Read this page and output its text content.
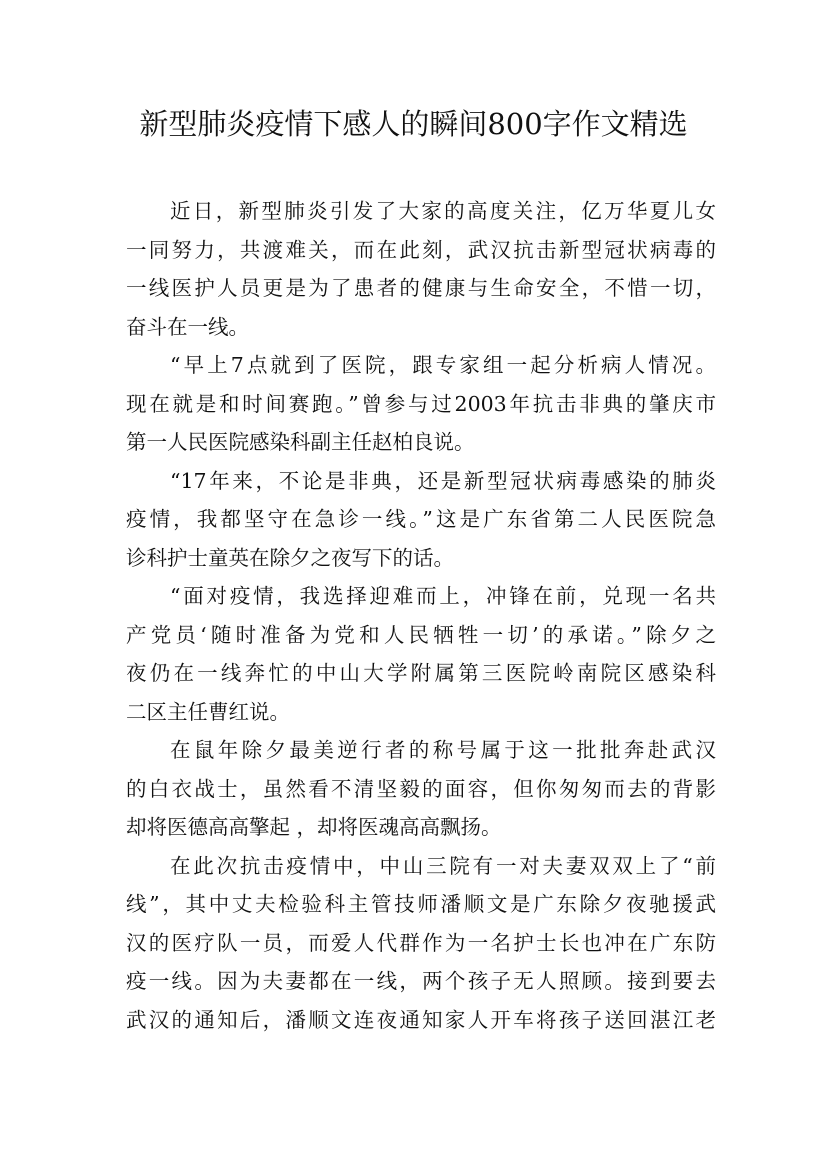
新型肺炎疫情下感人的瞬间800字作文精选
近日，新型肺炎引发了大家的高度关注，亿万华夏儿女
一同努力，共渡难关，而在此刻，武汉抗击新型冠状病毒的
一线医护人员更是为了患者的健康与生命安全，不惜一切，
奋斗在一线。
“早上7点就到了医院，跟专家组一起分析病人情况。
现在就是和时间赛跑。”曾参与过2003年抗击非典的肇庆市
第一人民医院感染科副主任赵柏良说。
“17年来，不论是非典，还是新型冠状病毒感染的肺炎
疫情，我都坚守在急诊一线。”这是广东省第二人民医院急
诊科护士童英在除夕之夜写下的话。
“面对疫情，我选择迎难而上，冲锋在前，兑现一名共
产党员‘随时准备为党和人民牺牲一切’的承诺。”除夕之
夜仍在一线奔忙的中山大学附属第三医院岭南院区感染科
二区主任曹红说。
在鼠年除夕最美逆行者的称号属于这一批批奔赴武汉
的白衣战士，虽然看不清坚毅的面容，但你匆匆而去的背影
却将医德高高擎起 ，却将医魂高高飘扬。
在此次抗击疫情中，中山三院有一对夫妻双双上了“前
线”，其中丈夫检验科主管技师潘顺文是广东除夕夜驰援武
汉的医疗队一员，而爱人代群作为一名护士长也冲在广东防
疫一线。因为夫妻都在一线，两个孩子无人照顾。接到要去
武汉的通知后，潘顺文连夜通知家人开车将孩子送回湛江老
